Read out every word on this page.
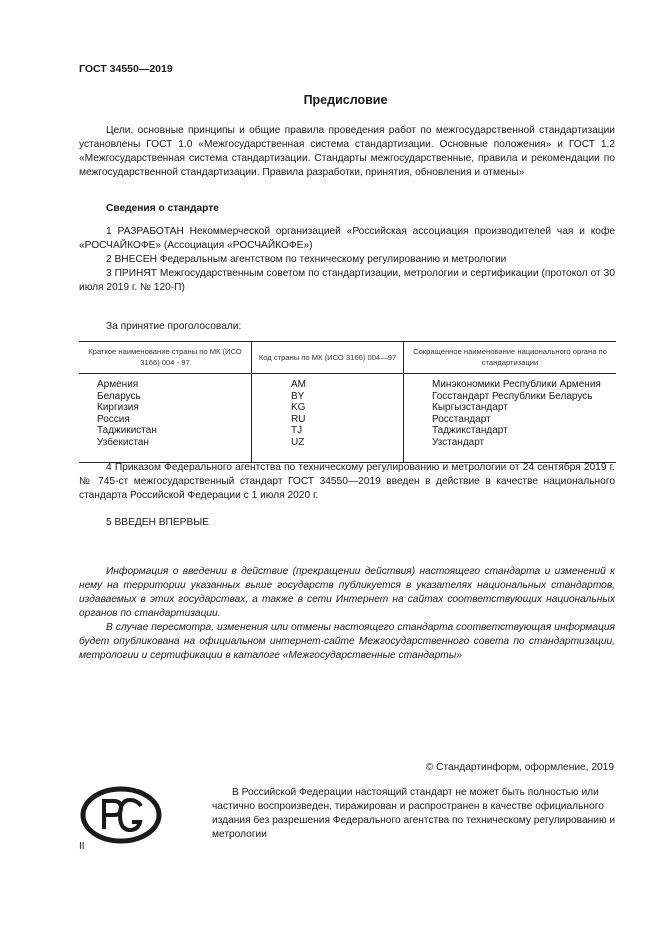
ГОСТ 34550—2019
Предисловие
Цели, основные принципы и общие правила проведения работ по межгосударственной стандартизации установлены ГОСТ 1.0 «Межгосударственная система стандартизации. Основные положения» и ГОСТ 1.2 «Межгосударственная система стандартизации. Стандарты межгосударственные, правила и рекомендации по межгосударственной стандартизации. Правила разработки, принятия, обновления и отмены»
Сведения о стандарте
1 РАЗРАБОТАН Некоммерческой организацией «Российская ассоциация производителей чая и кофе «РОСЧАЙКОФЕ» (Ассоциация «РОСЧАЙКОФЕ»)
2 ВНЕСЕН Федеральным агентством по техническому регулированию и метрологии
3 ПРИНЯТ Межгосударственным советом по стандартизации, метрологии и сертификации (протокол от 30 июля 2019 г. № 120-П)
За принятие проголосовали:
Краткое наименование страны по МК (ИСО 3166) 004 - 97	Код страны по МК (ИСО 3166) 004—97	Сокращенное наименование национального органа по стандартизации
Армения	AM	Минэкономики Республики Армения
Беларусь	BY	Госстандарт Республики Беларусь
Киргизия	KG	Кыргызстандарт
Россия	RU	Росстандарт
Таджикистан	TJ	Таджикстандарт
Узбекистан	UZ	Узстандарт
4 Приказом Федерального агентства по техническому регулированию и метрологии от 24 сентября 2019 г. № 745-ст межгосударственный стандарт ГОСТ 34550—2019 введен в действие в качестве национального стандарта Российской Федерации с 1 июля 2020 г.
5 ВВЕДЕН ВПЕРВЫЕ
Информация о введении в действие (прекращении действия) настоящего стандарта и изменений к нему на территории указанных выше государств публикуется в указателях национальных стандартов, издаваемых в этих государствах, а также в сети Интернет на сайтах соответствующих национальных органов по стандартизации.
В случае пересмотра, изменения или отмены настоящего стандарта соответствующая информация будет опубликована на официальном интернет-сайте Межгосударственного совета по стандартизации, метрологии и сертификации в каталоге «Межгосударственные стандарты»
© Стандартинформ, оформление, 2019
В Российской Федерации настоящий стандарт не может быть полностью или частично воспроизведен, тиражирован и распространен в качестве официального издания без разрешения Федерального агентства по техническому регулированию и метрологии
II
